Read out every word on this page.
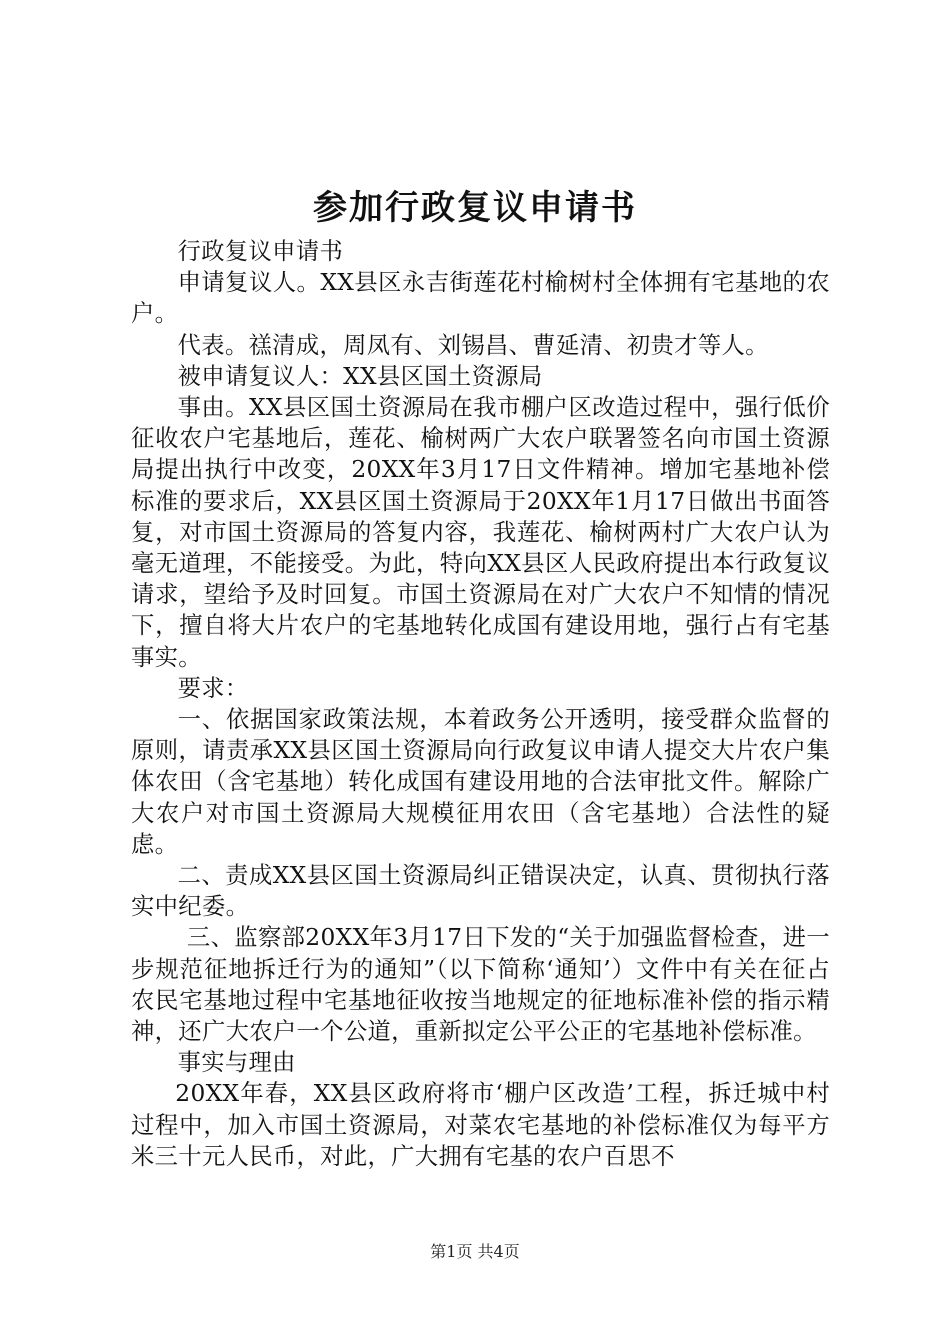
参加行政复议申请书

行政复议申请书

申请复议人。XX县区永吉街莲花村榆树村全体拥有宅基地的农户。

代表。禚清成，周凤有、刘锡昌、曹延清、初贵才等人。

被申请复议人：XX县区国土资源局

事由。XX县区国土资源局在我市棚户区改造过程中，强行低价征收农户宅基地后，莲花、榆树两广大农户联署签名向市国土资源局提出执行中改变，20XX年3月17日文件精神。增加宅基地补偿标准的要求后，XX县区国土资源局于20XX年1月17日做出书面答复，对市国土资源局的答复内容，我莲花、榆树两村广大农户认为毫无道理，不能接受。为此，特向XX县区人民政府提出本行政复议请求，望给予及时回复。市国土资源局在对广大农户不知情的情况下，擅自将大片农户的宅基地转化成国有建设用地，强行占有宅基事实。

要求：

一、依据国家政策法规，本着政务公开透明，接受群众监督的原则，请责承XX县区国土资源局向行政复议申请人提交大片农户集体农田（含宅基地）转化成国有建设用地的合法审批文件。解除广大农户对市国土资源局大规模征用农田（含宅基地）合法性的疑虑。

二、责成XX县区国土资源局纠正错误决定，认真、贯彻执行落实中纪委。

三、监察部20XX年3月17日下发的“关于加强监督检查，进一步规范征地拆迁行为的通知”（以下简称‘通知’）文件中有关在征占农民宅基地过程中宅基地征收按当地规定的征地标准补偿的指示精神，还广大农户一个公道，重新拟定公平公正的宅基地补偿标准。

事实与理由

20XX年春，XX县区政府将市‘棚户区改造’工程，拆迁城中村过程中，加入市国土资源局，对菜农宅基地的补偿标准仅为每平方米三十元人民币，对此，广大拥有宅基的农户百思不

第1页 共4页
